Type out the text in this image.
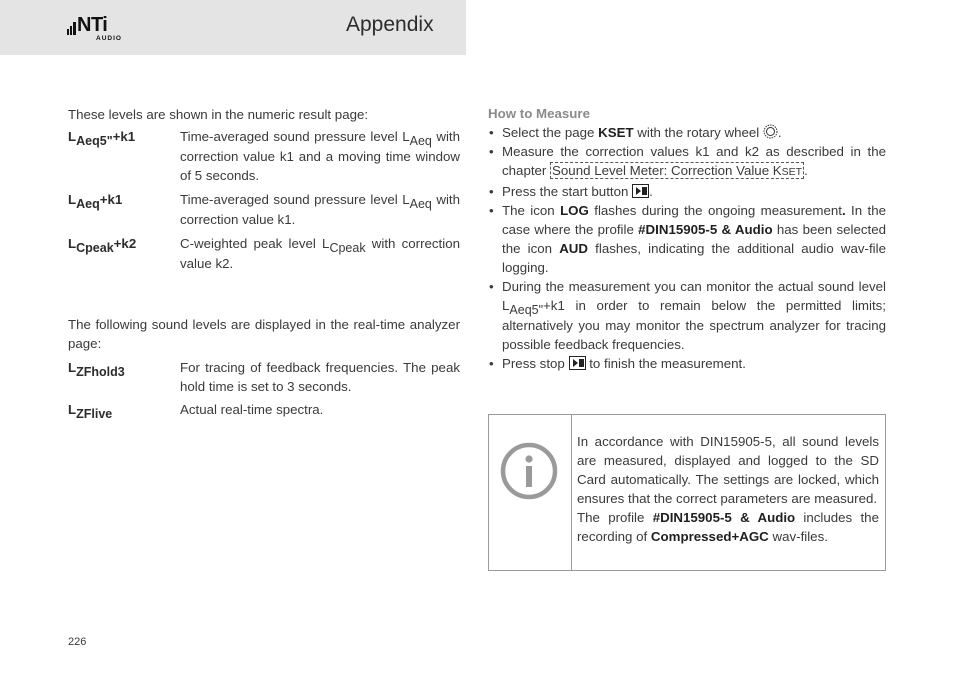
NTi
AUDIO
Appendix

These levels are shown in the numeric result page:

LAeq5"+k1	Time-averaged sound pressure level LAeq with correction value k1 and a moving time window of 5 seconds.
LAeq+k1	Time-averaged sound pressure level LAeq with correction value k1.
LCpeak+k2	C-weighted peak level LCpeak with correction value k2.

The following sound levels are displayed in the real-time analyzer page:

LZFhold3	For tracing of feedback frequencies. The peak hold time is set to 3 seconds.
LZFlive	Actual real-time spectra.
How to Measure
• Select the page KSET with the rotary wheel .
• Measure the correction values k1 and k2 as described in the chapter Sound Level Meter: Correction Value KSET .
• Press the start button .
• The icon LOG flashes during the ongoing measurement. In the case where the profile #DIN15905-5 & Audio has been selected the icon AUD flashes, indicating the additional audio wav-file logging.
• During the measurement you can monitor the actual sound level LAeq5"+k1 in order to remain below the permitted limits; alternatively you may monitor the spectrum analyzer for tracing possible feedback frequencies.
• Press stop  to finish the measurement.

In accordance with DIN15905-5, all sound levels are measured, displayed and logged to the SD Card automatically. The settings are locked, which ensures that the correct parameters are measured.

The profile #DIN15905-5 & Audio includes the recording of Compressed+AGC wav-files.

226
